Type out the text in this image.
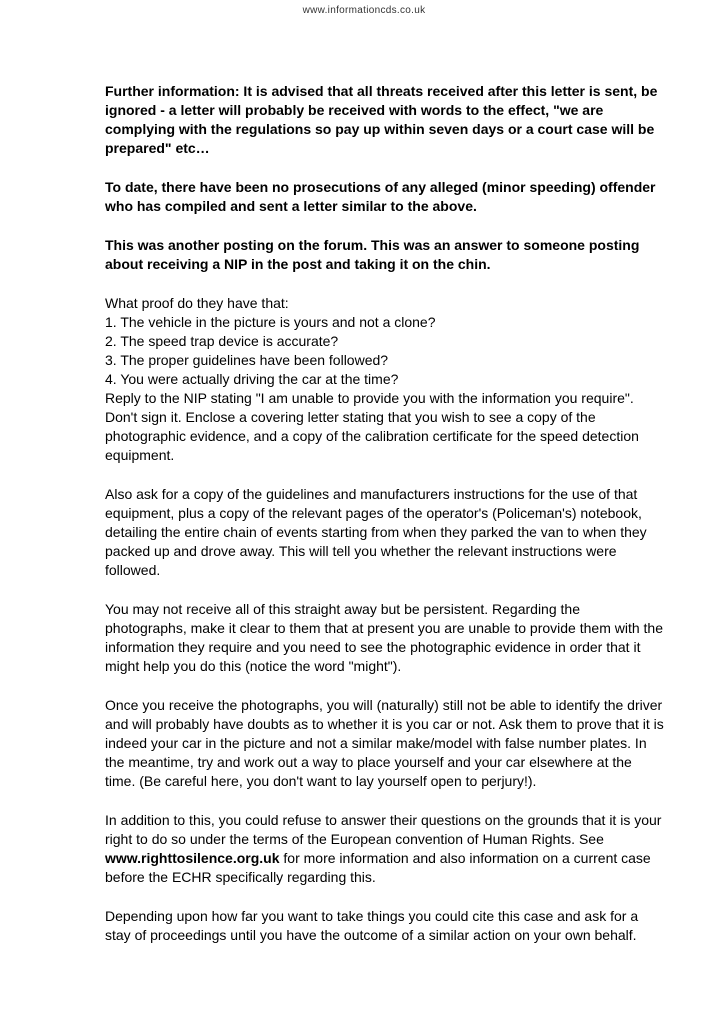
www.informationcds.co.uk

Further information: It is advised that all threats received after this letter is sent, be ignored - a letter will probably be received with words to the effect, "we are complying with the regulations so pay up within seven days or a court case will be prepared" etc…

To date, there have been no prosecutions of any alleged (minor speeding) offender who has compiled and sent a letter similar to the above.

This was another posting on the forum. This was an answer to someone posting about receiving a NIP in the post and taking it on the chin.

What proof do they have that:
1. The vehicle in the picture is yours and not a clone?
2. The speed trap device is accurate?
3. The proper guidelines have been followed?
4. You were actually driving the car at the time?
Reply to the NIP stating "I am unable to provide you with the information you require". Don't sign it. Enclose a covering letter stating that you wish to see a copy of the photographic evidence, and a copy of the calibration certificate for the speed detection equipment.

Also ask for a copy of the guidelines and manufacturers instructions for the use of that equipment, plus a copy of the relevant pages of the operator's (Policeman's) notebook, detailing the entire chain of events starting from when they parked the van to when they packed up and drove away. This will tell you whether the relevant instructions were followed.

You may not receive all of this straight away but be persistent. Regarding the photographs, make it clear to them that at present you are unable to provide them with the information they require and you need to see the photographic evidence in order that it might help you do this (notice the word "might").

Once you receive the photographs, you will (naturally) still not be able to identify the driver and will probably have doubts as to whether it is you car or not. Ask them to prove that it is indeed your car in the picture and not a similar make/model with false number plates. In the meantime, try and work out a way to place yourself and your car elsewhere at the time. (Be careful here, you don't want to lay yourself open to perjury!).

In addition to this, you could refuse to answer their questions on the grounds that it is your right to do so under the terms of the European convention of Human Rights. See www.righttosilence.org.uk for more information and also information on a current case before the ECHR specifically regarding this.

Depending upon how far you want to take things you could cite this case and ask for a stay of proceedings until you have the outcome of a similar action on your own behalf.
